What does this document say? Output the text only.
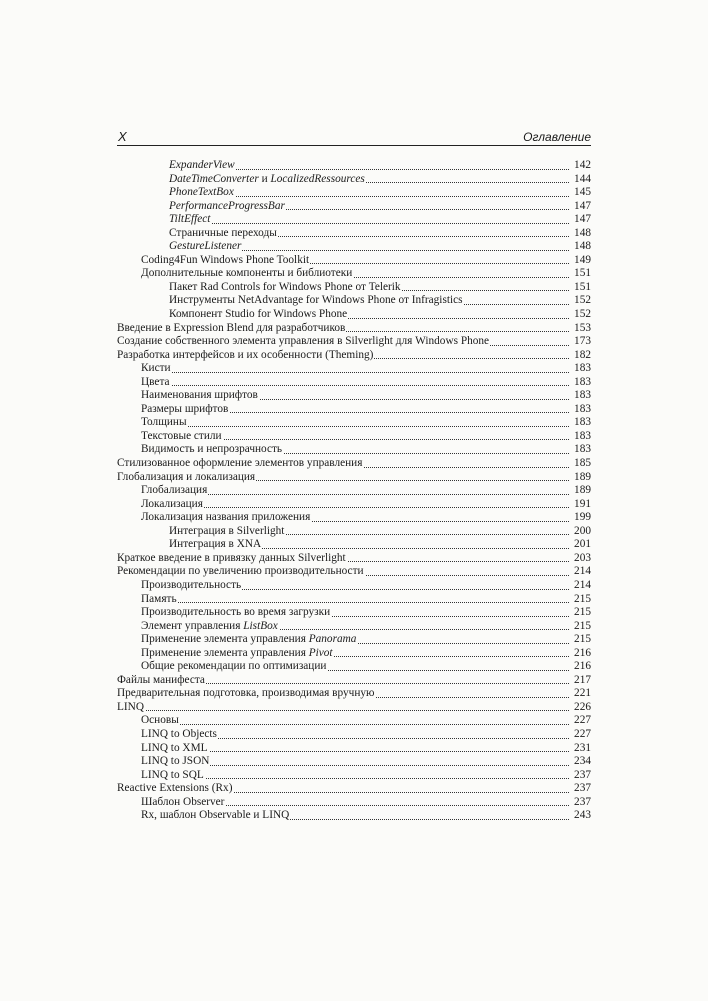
X	Оглавление
ExpanderView	142
DateTimeConverter и LocalizedRessources	144
PhoneTextBox	145
PerformanceProgressBar	147
TiltEffect	147
Страничные переходы	148
GestureListener	148
Coding4Fun Windows Phone Toolkit	149
Дополнительные компоненты и библиотеки	151
Пакет Rad Controls for Windows Phone от Telerik	151
Инструменты NetAdvantage for Windows Phone от Infragistics	152
Компонент Studio for Windows Phone	152
Введение в Expression Blend для разработчиков	153
Создание собственного элемента управления в Silverlight для Windows Phone	173
Разработка интерфейсов и их особенности (Theming)	182
Кисти	183
Цвета	183
Наименования шрифтов	183
Размеры шрифтов	183
Толщины	183
Текстовые стили	183
Видимость и непрозрачность	183
Стилизованное оформление элементов управления	185
Глобализация и локализация	189
Глобализация	189
Локализация	191
Локализация названия приложения	199
Интеграция в Silverlight	200
Интеграция в XNA	201
Краткое введение в привязку данных Silverlight	203
Рекомендации по увеличению производительности	214
Производительность	214
Память	215
Производительность во время загрузки	215
Элемент управления ListBox	215
Применение элемента управления Panorama	215
Применение элемента управления Pivot	216
Общие рекомендации по оптимизации	216
Файлы манифеста	217
Предварительная подготовка, производимая вручную	221
LINQ	226
Основы	227
LINQ to Objects	227
LINQ to XML	231
LINQ to JSON	234
LINQ to SQL	237
Reactive Extensions (Rx)	237
Шаблон Observer	237
Rx, шаблон Observable и LINQ	243
